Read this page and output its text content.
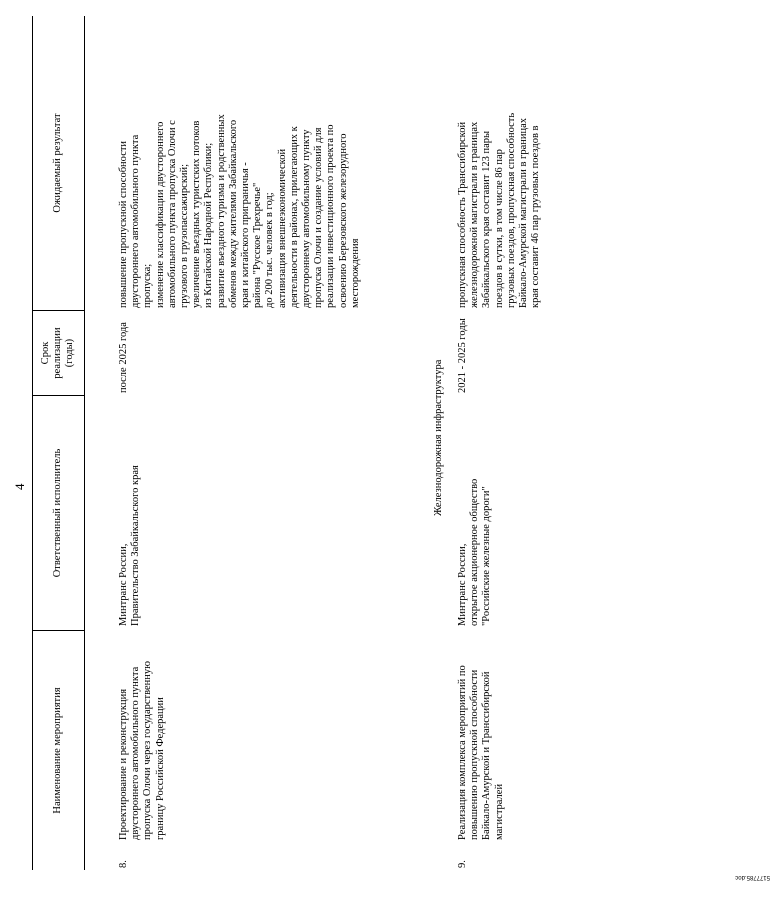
4
Наименование мероприятия
Ответственный исполнитель
Срок реализации (годы)
Ожидаемый результат
8.
Проектирование и реконструкция двустороннего автомобильного пункта пропуска Олочи через государственную границу Российской Федерации
Минтранс России, Правительство Забайкальского края
после 2025 года
повышение пропускной способности двустороннего автомобильного пункта пропуска; изменение классификации двустороннего автомобильного пункта пропуска Олочи с грузового в грузопассажирский; увеличение въездных туристских потоков из Китайской Народной Республики; развитие въездного туризма и родственных обменов между жителями Забайкальского края и китайского приграничья - района "Русское Трехречье" до 200 тыс. человек в год; активизация внешнеэкономической деятельности в районах, прилегающих к двустороннему автомобильному пункту пропуска Олочи и создание условий для реализации инвестиционного проекта по освоению Березовского железорудного месторождения
Железнодорожная инфраструктура
9.
Реализация комплекса мероприятий по повышению пропускной способности Байкало-Амурской и Транссибирской магистралей
Минтранс России, открытое акционерное общество "Российские железные дороги"
2021 - 2025 годы
пропускная способность Транссибирской железнодорожной магистрали в границах Забайкальского края составит 123 пары поездов в сутки, в том числе 86 пар грузовых поездов, пропускная способность Байкало-Амурской магистрали в границах края составит 46 пар грузовых поездов в
5177785.doc
